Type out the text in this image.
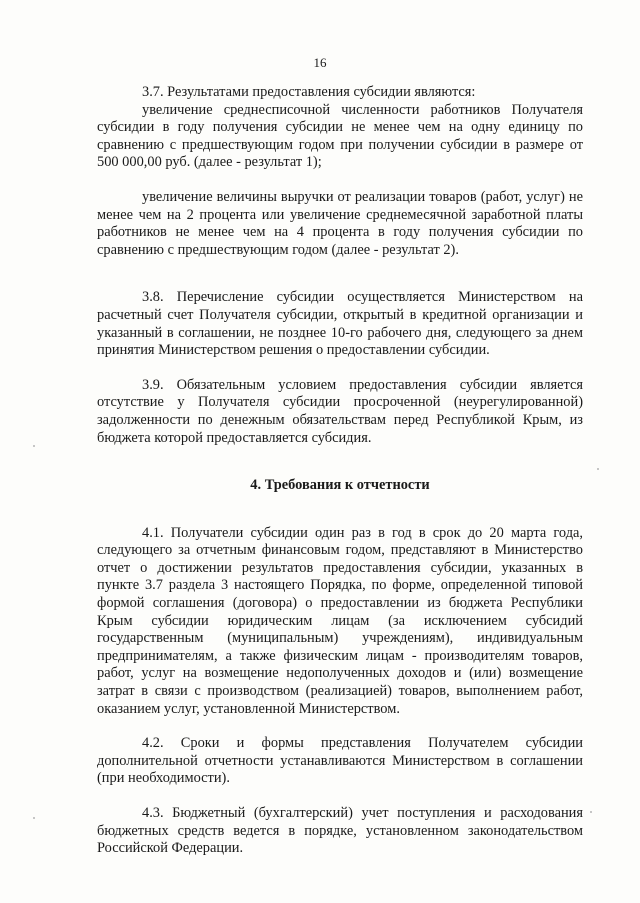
16

3.7. Результатами предоставления субсидии являются:

увеличение среднесписочной численности работников Получателя субсидии в году получения субсидии не менее чем на одну единицу по сравнению с предшествующим годом при получении субсидии в размере от 500 000,00 руб. (далее - результат 1);

увеличение величины выручки от реализации товаров (работ, услуг) не менее чем на 2 процента или увеличение среднемесячной заработной платы работников не менее чем на 4 процента в году получения субсидии по сравнению с предшествующим годом (далее - результат 2).

3.8. Перечисление субсидии осуществляется Министерством на расчетный счет Получателя субсидии, открытый в кредитной организации и указанный в соглашении, не позднее 10-го рабочего дня, следующего за днем принятия Министерством решения о предоставлении субсидии.

3.9. Обязательным условием предоставления субсидии является отсутствие у Получателя субсидии просроченной (неурегулированной) задолженности по денежным обязательствам перед Республикой Крым, из бюджета которой предоставляется субсидия.

4. Требования к отчетности

4.1. Получатели субсидии один раз в год в срок до 20 марта года, следующего за отчетным финансовым годом, представляют в Министерство отчет о достижении результатов предоставления субсидии, указанных в пункте 3.7 раздела 3 настоящего Порядка, по форме, определенной типовой формой соглашения (договора) о предоставлении из бюджета Республики Крым субсидии юридическим лицам (за исключением субсидий государственным (муниципальным) учреждениям), индивидуальным предпринимателям, а также физическим лицам - производителям товаров, работ, услуг на возмещение недополученных доходов и (или) возмещение затрат в связи с производством (реализацией) товаров, выполнением работ, оказанием услуг, установленной Министерством.

4.2. Сроки и формы представления Получателем субсидии дополнительной отчетности устанавливаются Министерством в соглашении (при необходимости).

4.3. Бюджетный (бухгалтерский) учет поступления и расходования бюджетных средств ведется в порядке, установленном законодательством Российской Федерации.
